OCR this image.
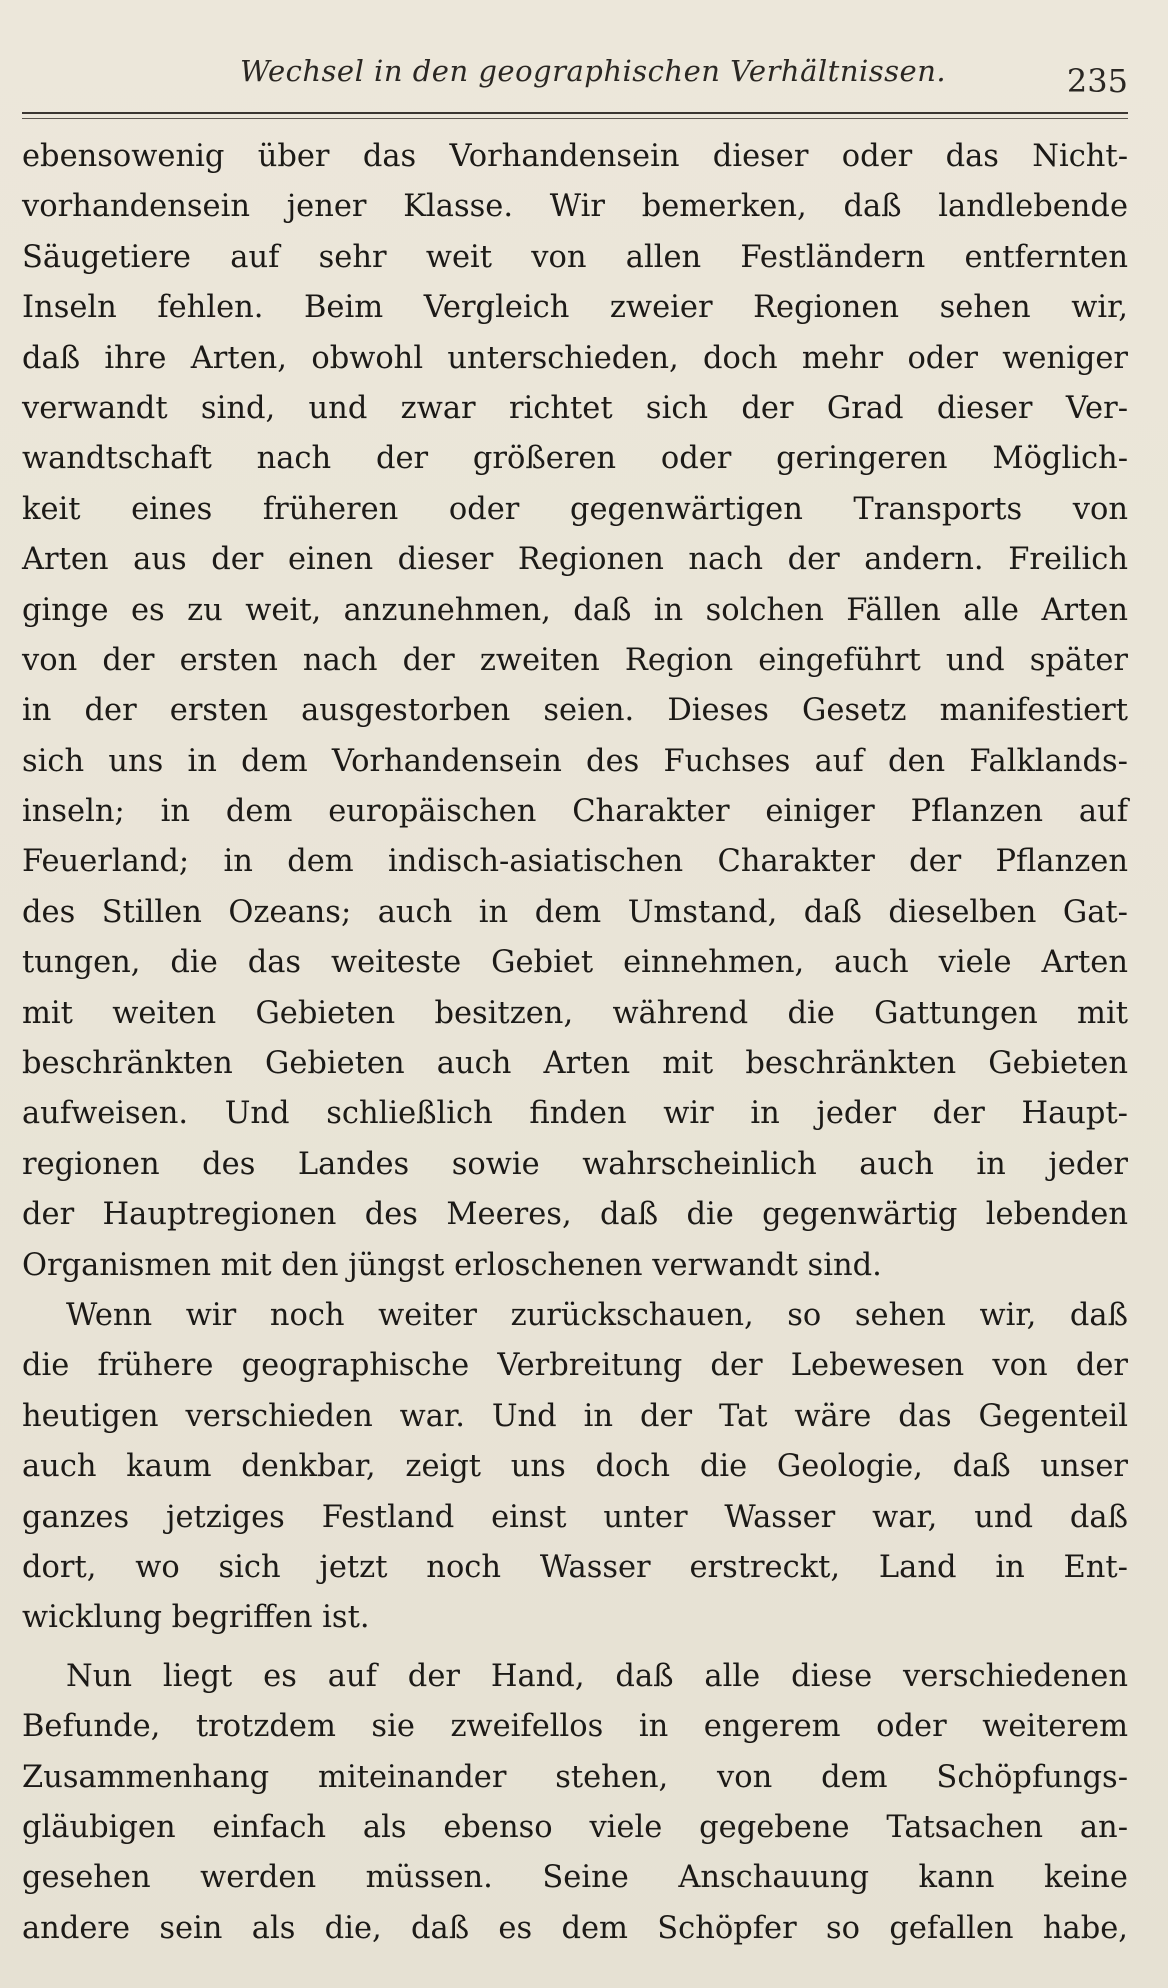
Wechsel in den geographischen Verhältnissen.	235
ebensowenig über das Vorhandensein dieser oder das Nicht-
vorhandensein jener Klasse. Wir bemerken, daß landlebende
Säugetiere auf sehr weit von allen Festländern entfernten
Inseln fehlen. Beim Vergleich zweier Regionen sehen wir,
daß ihre Arten, obwohl unterschieden, doch mehr oder weniger
verwandt sind, und zwar richtet sich der Grad dieser Ver-
wandtschaft nach der größeren oder geringeren Möglich-
keit eines früheren oder gegenwärtigen Transports von
Arten aus der einen dieser Regionen nach der andern. Freilich
ginge es zu weit, anzunehmen, daß in solchen Fällen alle Arten
von der ersten nach der zweiten Region eingeführt und später
in der ersten ausgestorben seien. Dieses Gesetz manifestiert
sich uns in dem Vorhandensein des Fuchses auf den Falklands-
inseln; in dem europäischen Charakter einiger Pflanzen auf
Feuerland; in dem indisch-asiatischen Charakter der Pflanzen
des Stillen Ozeans; auch in dem Umstand, daß dieselben Gat-
tungen, die das weiteste Gebiet einnehmen, auch viele Arten
mit weiten Gebieten besitzen, während die Gattungen mit
beschränkten Gebieten auch Arten mit beschränkten Gebieten
aufweisen. Und schließlich finden wir in jeder der Haupt-
regionen des Landes sowie wahrscheinlich auch in jeder
der Hauptregionen des Meeres, daß die gegenwärtig lebenden
Organismen mit den jüngst erloschenen verwandt sind.
Wenn wir noch weiter zurückschauen, so sehen wir, daß
die frühere geographische Verbreitung der Lebewesen von der
heutigen verschieden war. Und in der Tat wäre das Gegenteil
auch kaum denkbar, zeigt uns doch die Geologie, daß unser
ganzes jetziges Festland einst unter Wasser war, und daß
dort, wo sich jetzt noch Wasser erstreckt, Land in Ent-
wicklung begriffen ist.
Nun liegt es auf der Hand, daß alle diese verschiedenen
Befunde, trotzdem sie zweifellos in engerem oder weiterem
Zusammenhang miteinander stehen, von dem Schöpfungs-
gläubigen einfach als ebenso viele gegebene Tatsachen an-
gesehen werden müssen. Seine Anschauung kann keine
andere sein als die, daß es dem Schöpfer so gefallen habe,
